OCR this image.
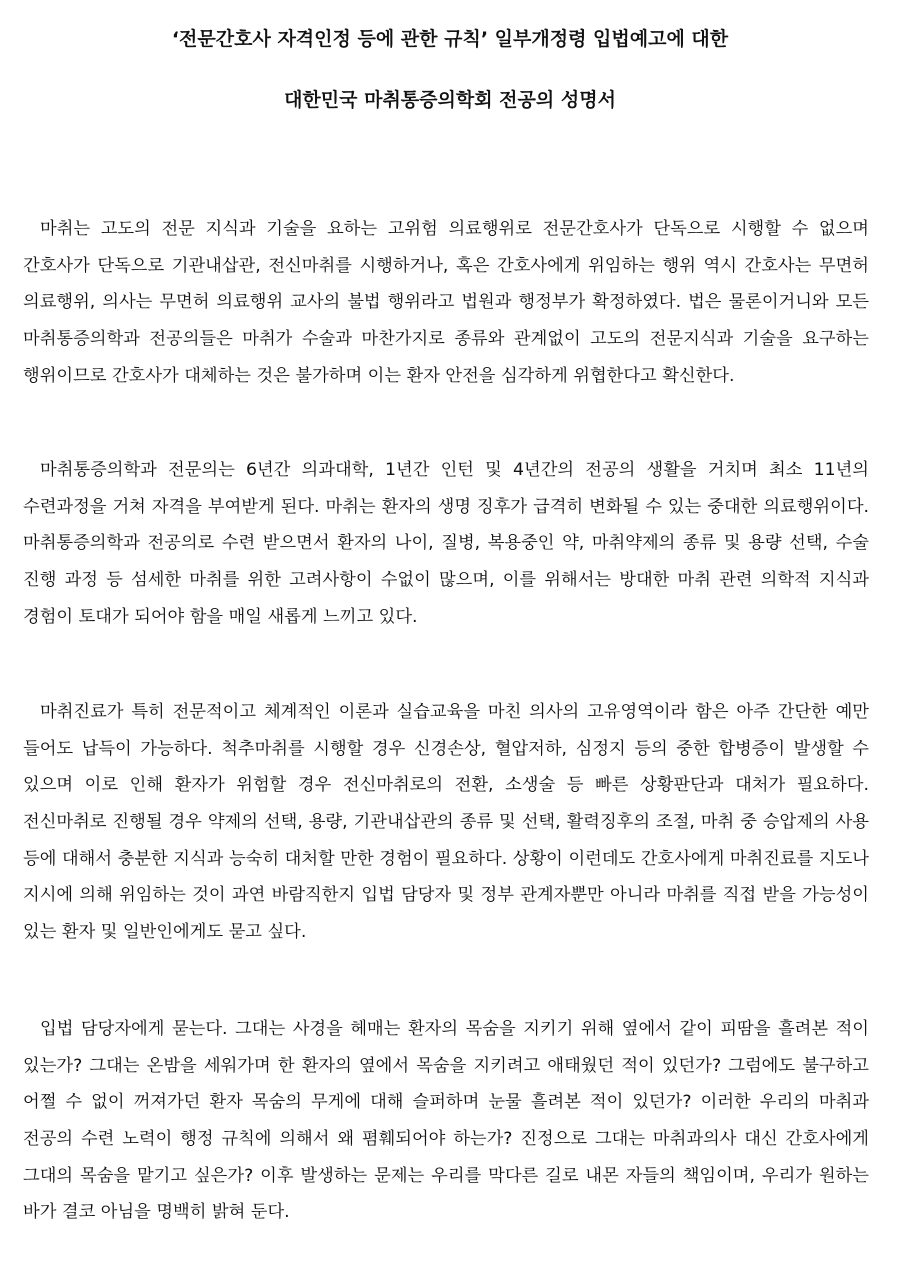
‘전문간호사 자격인정 등에 관한 규칙’ 일부개정령 입법예고에 대한
대한민국 마취통증의학회 전공의 성명서

마취는 고도의 전문 지식과 기술을 요하는 고위험 의료행위로 전문간호사가 단독으로 시행할 수 없으며 간호사가 단독으로 기관내삽관, 전신마취를 시행하거나, 혹은 간호사에게 위임하는 행위 역시 간호사는 무면허 의료행위, 의사는 무면허 의료행위 교사의 불법 행위라고 법원과 행정부가 확정하였다. 법은 물론이거니와 모든 마취통증의학과 전공의들은 마취가 수술과 마찬가지로 종류와 관계없이 고도의 전문지식과 기술을 요구하는 행위이므로 간호사가 대체하는 것은 불가하며 이는 환자 안전을 심각하게 위협한다고 확신한다.

마취통증의학과 전문의는 6년간 의과대학, 1년간 인턴 및 4년간의 전공의 생활을 거치며 최소 11년의 수련과정을 거쳐 자격을 부여받게 된다. 마취는 환자의 생명 징후가 급격히 변화될 수 있는 중대한 의료행위이다. 마취통증의학과 전공의로 수련 받으면서 환자의 나이, 질병, 복용중인 약, 마취약제의 종류 및 용량 선택, 수술 진행 과정 등 섬세한 마취를 위한 고려사항이 수없이 많으며, 이를 위해서는 방대한 마취 관련 의학적 지식과 경험이 토대가 되어야 함을 매일 새롭게 느끼고 있다.

마취진료가 특히 전문적이고 체계적인 이론과 실습교육을 마친 의사의 고유영역이라 함은 아주 간단한 예만 들어도 납득이 가능하다. 척추마취를 시행할 경우 신경손상, 혈압저하, 심정지 등의 중한 합병증이 발생할 수 있으며 이로 인해 환자가 위험할 경우 전신마취로의 전환, 소생술 등 빠른 상황판단과 대처가 필요하다. 전신마취로 진행될 경우 약제의 선택, 용량, 기관내삽관의 종류 및 선택, 활력징후의 조절, 마취 중 승압제의 사용 등에 대해서 충분한 지식과 능숙히 대처할 만한 경험이 필요하다. 상황이 이런데도 간호사에게 마취진료를 지도나 지시에 의해 위임하는 것이 과연 바람직한지 입법 담당자 및 정부 관계자뿐만 아니라 마취를 직접 받을 가능성이 있는 환자 및 일반인에게도 묻고 싶다.

입법 담당자에게 묻는다. 그대는 사경을 헤매는 환자의 목숨을 지키기 위해 옆에서 같이 피땀을 흘려본 적이 있는가? 그대는 온밤을 세워가며 한 환자의 옆에서 목숨을 지키려고 애태웠던 적이 있던가? 그럼에도 불구하고 어쩔 수 없이 꺼져가던 환자 목숨의 무게에 대해 슬퍼하며 눈물 흘려본 적이 있던가? 이러한 우리의 마취과 전공의 수련 노력이 행정 규칙에 의해서 왜 폄훼되어야 하는가? 진정으로 그대는 마취과의사 대신 간호사에게 그대의 목숨을 맡기고 싶은가? 이후 발생하는 문제는 우리를 막다른 길로 내몬 자들의 책임이며, 우리가 원하는 바가 결코 아님을 명백히 밝혀 둔다.
